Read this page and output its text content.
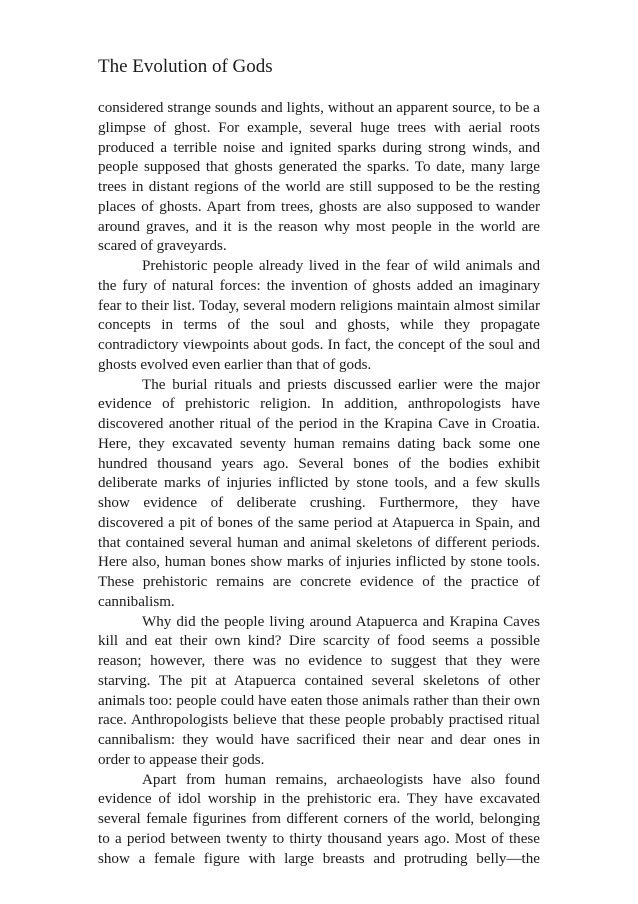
The Evolution of Gods

considered strange sounds and lights, without an apparent source, to be a glimpse of ghost. For example, several huge trees with aerial roots produced a terrible noise and ignited sparks during strong winds, and people supposed that ghosts generated the sparks. To date, many large trees in distant regions of the world are still supposed to be the resting places of ghosts. Apart from trees, ghosts are also supposed to wander around graves, and it is the reason why most people in the world are scared of graveyards.

Prehistoric people already lived in the fear of wild animals and the fury of natural forces: the invention of ghosts added an imaginary fear to their list. Today, several modern religions maintain almost similar concepts in terms of the soul and ghosts, while they propagate contradictory viewpoints about gods. In fact, the concept of the soul and ghosts evolved even earlier than that of gods.

The burial rituals and priests discussed earlier were the major evidence of prehistoric religion. In addition, anthropologists have discovered another ritual of the period in the Krapina Cave in Croatia. Here, they excavated seventy human remains dating back some one hundred thousand years ago. Several bones of the bodies exhibit deliberate marks of injuries inflicted by stone tools, and a few skulls show evidence of deliberate crushing. Furthermore, they have discovered a pit of bones of the same period at Atapuerca in Spain, and that contained several human and animal skeletons of different periods. Here also, human bones show marks of injuries inflicted by stone tools. These prehistoric remains are concrete evidence of the practice of cannibalism.

Why did the people living around Atapuerca and Krapina Caves kill and eat their own kind? Dire scarcity of food seems a possible reason; however, there was no evidence to suggest that they were starving. The pit at Atapuerca contained several skeletons of other animals too: people could have eaten those animals rather than their own race. Anthropologists believe that these people probably practised ritual cannibalism: they would have sacrificed their near and dear ones in order to appease their gods.

Apart from human remains, archaeologists have also found evidence of idol worship in the prehistoric era. They have excavated several female figurines from different corners of the world, belonging to a period between twenty to thirty thousand years ago. Most of these show a female figure with large breasts and protruding belly—the
